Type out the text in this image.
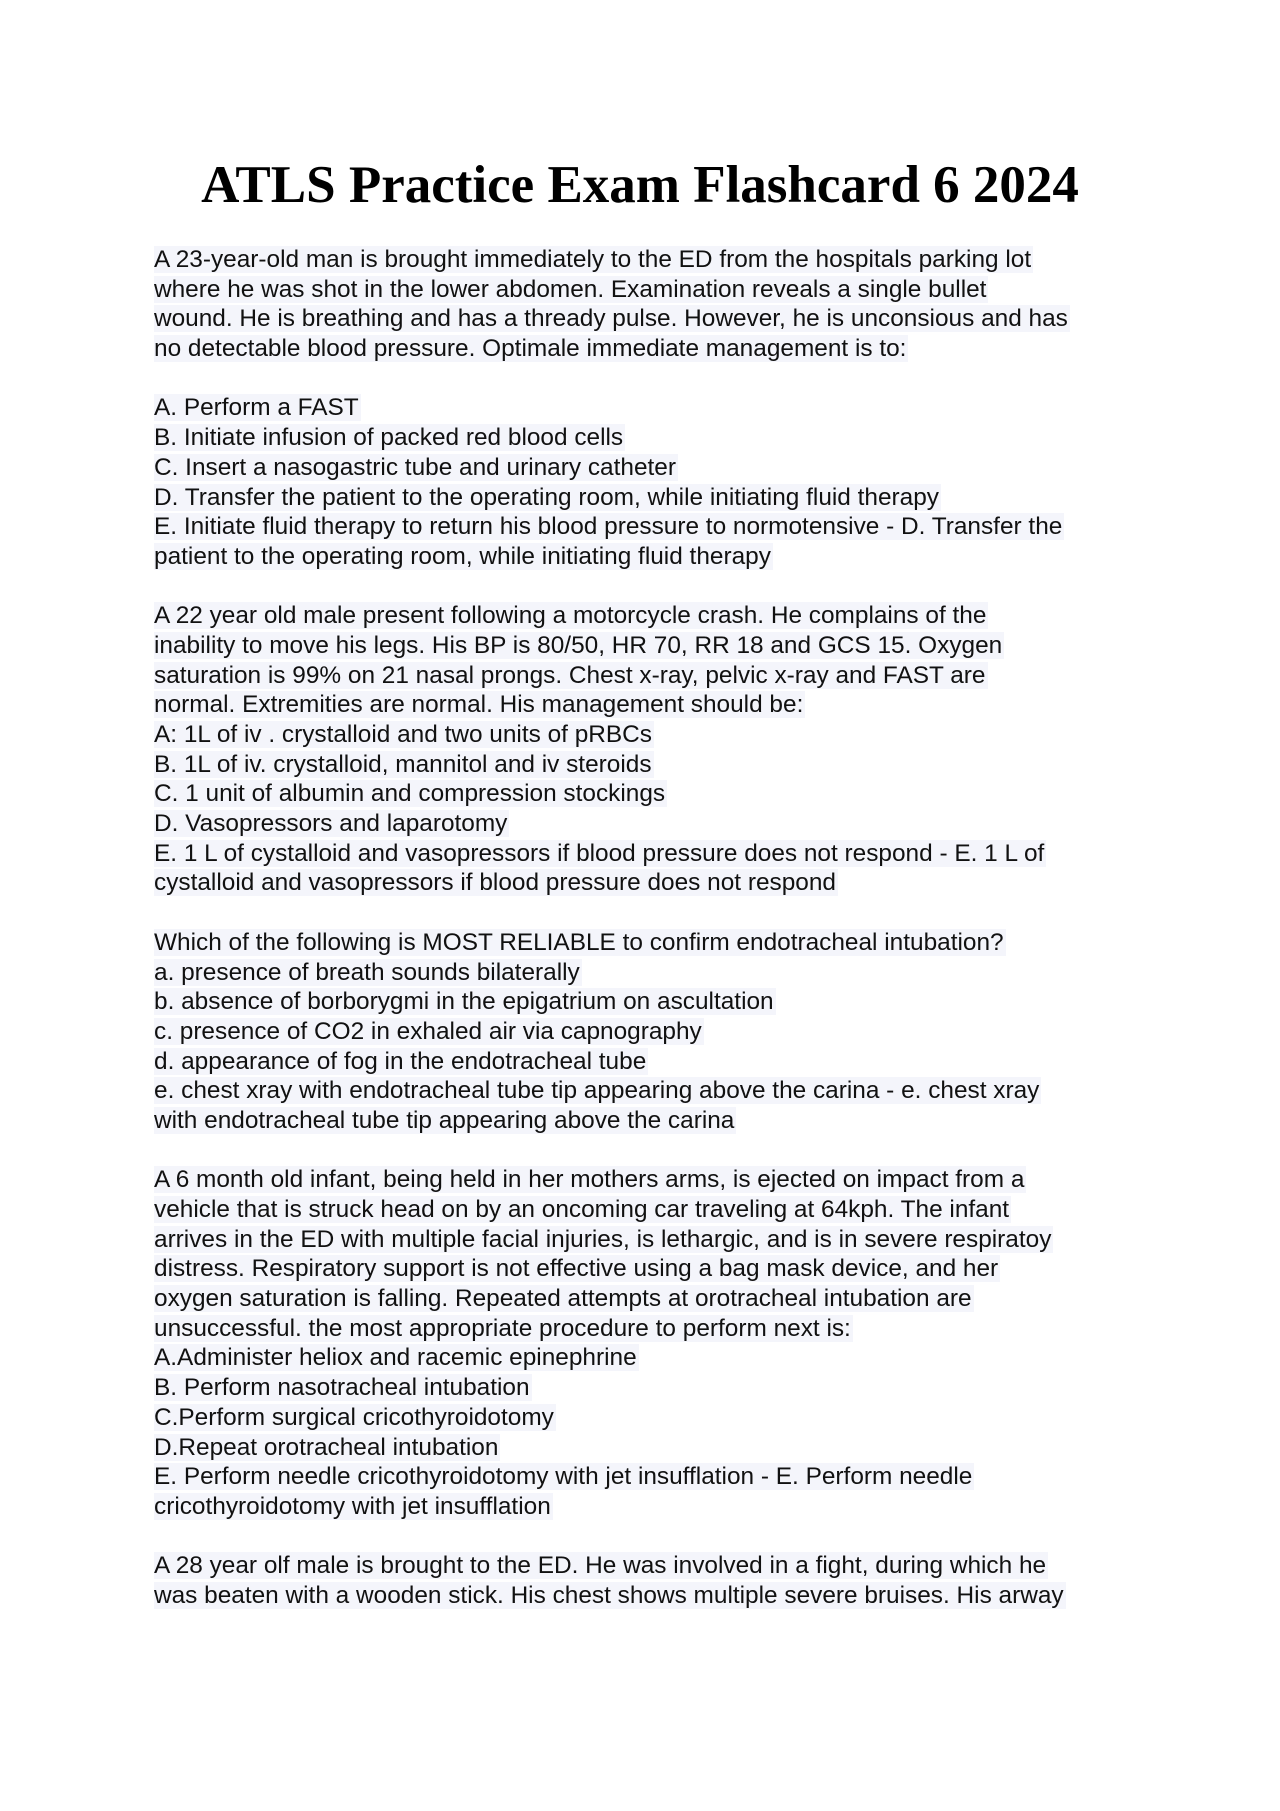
ATLS Practice Exam Flashcard 6 2024
A 23-year-old man is brought immediately to the ED from the hospitals parking lot
where he was shot in the lower abdomen. Examination reveals a single bullet
wound. He is breathing and has a thready pulse. However, he is unconsious and has
no detectable blood pressure. Optimale immediate management is to:
A. Perform a FAST
B. Initiate infusion of packed red blood cells
C. Insert a nasogastric tube and urinary catheter
D. Transfer the patient to the operating room, while initiating fluid therapy
E. Initiate fluid therapy to return his blood pressure to normotensive - D. Transfer the
patient to the operating room, while initiating fluid therapy
A 22 year old male present following a motorcycle crash. He complains of the
inability to move his legs. His BP is 80/50, HR 70, RR 18 and GCS 15. Oxygen
saturation is 99% on 21 nasal prongs. Chest x-ray, pelvic x-ray and FAST are
normal. Extremities are normal. His management should be:
A: 1L of iv . crystalloid and two units of pRBCs
B. 1L of iv. crystalloid, mannitol and iv steroids
C. 1 unit of albumin and compression stockings
D. Vasopressors and laparotomy
E. 1 L of cystalloid and vasopressors if blood pressure does not respond - E. 1 L of
cystalloid and vasopressors if blood pressure does not respond
Which of the following is MOST RELIABLE to confirm endotracheal intubation?
a. presence of breath sounds bilaterally
b. absence of borborygmi in the epigatrium on ascultation
c. presence of CO2 in exhaled air via capnography
d. appearance of fog in the endotracheal tube
e. chest xray with endotracheal tube tip appearing above the carina - e. chest xray
with endotracheal tube tip appearing above the carina
A 6 month old infant, being held in her mothers arms, is ejected on impact from a
vehicle that is struck head on by an oncoming car traveling at 64kph. The infant
arrives in the ED with multiple facial injuries, is lethargic, and is in severe respiratoy
distress. Respiratory support is not effective using a bag mask device, and her
oxygen saturation is falling. Repeated attempts at orotracheal intubation are
unsuccessful. the most appropriate procedure to perform next is:
A.Administer heliox and racemic epinephrine
B. Perform nasotracheal intubation
C.Perform surgical cricothyroidotomy
D.Repeat orotracheal intubation
E. Perform needle cricothyroidotomy with jet insufflation - E. Perform needle
cricothyroidotomy with jet insufflation
A 28 year olf male is brought to the ED. He was involved in a fight, during which he
was beaten with a wooden stick. His chest shows multiple severe bruises. His arway
